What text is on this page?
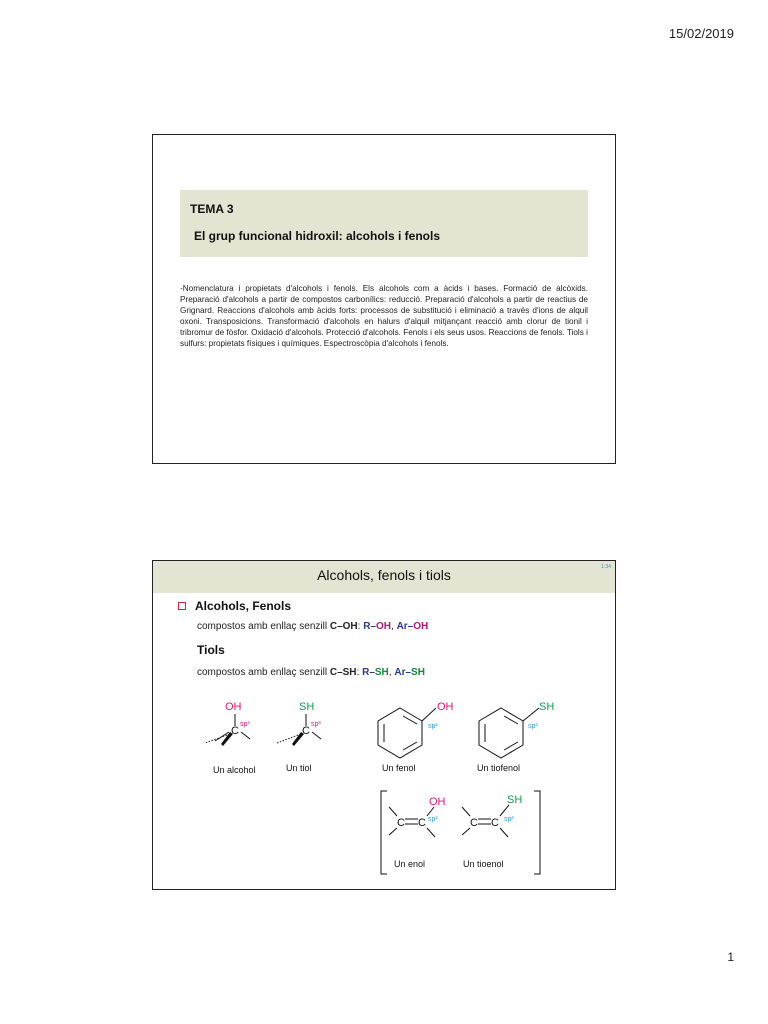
15/02/2019
TEMA 3
El grup funcional hidroxil: alcohols i fenols
-Nomenclatura i propietats d'alcohols i fenols. Els alcohols com a àcids i bases. Formació de alcòxids. Preparació d'alcohols a partir de compostos carbonílics: reducció. Preparació d'alcohols a partir de reactius de Grignard. Reaccions d'alcohols amb àcids forts: processos de substitució i eliminació a través d'ions de alquil oxoni. Transposicions. Transformació d'alcohols en halurs d'alquil mitjançant reacció amb clorur de tionil i tribromur de fòsfor. Oxidació d'alcohols. Protecció d'alcohols. Fenols i els seus usos. Reaccions de fenols. Tiols i sulfurs: propietats físiques i químiques. Espectroscòpia d'alcohols i fenols.
Alcohols, fenols i tiols	1:34
Alcohols, Fenols
compostos amb enllaç senzill C–OH: R–OH, Ar–OH
Tiols
compostos amb enllaç senzill C–SH: R–SH, Ar–SH
OH
C
sp³
Un alcohol
SH
C
sp³
Un tiol
OH
sp²
Un fenol
SH
sp²
Un tiofenol
C C
OH
sp²
Un enol
C C
SH
sp²
Un tioenol
1
